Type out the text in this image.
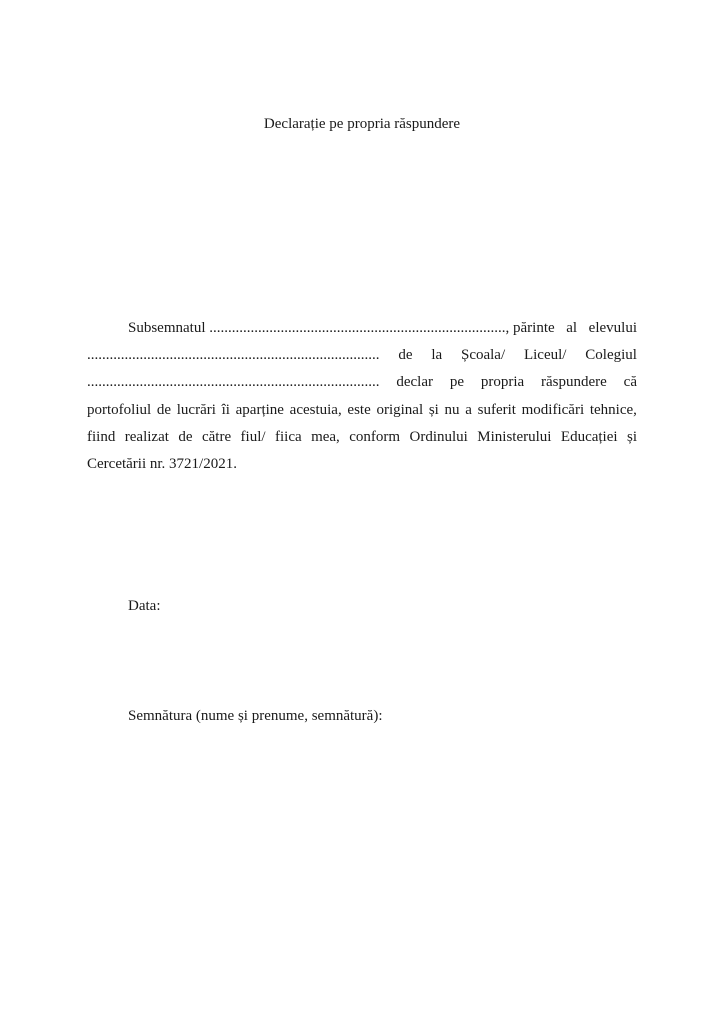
Declarație pe propria răspundere
Subsemnatul ..............................................................................., părinte al elevului
.............................................................................. de la Școala/ Liceul/ Colegiul
.............................................................................. declar pe propria răspundere că
portofoliul de lucrări îi aparține acestuia, este original și nu a suferit modificări tehnice,
fiind realizat de către fiul/ fiica mea, conform Ordinului Ministerului Educației și
Cercetării nr. 3721/2021.

Data:

Semnătura (nume și prenume, semnătură):
